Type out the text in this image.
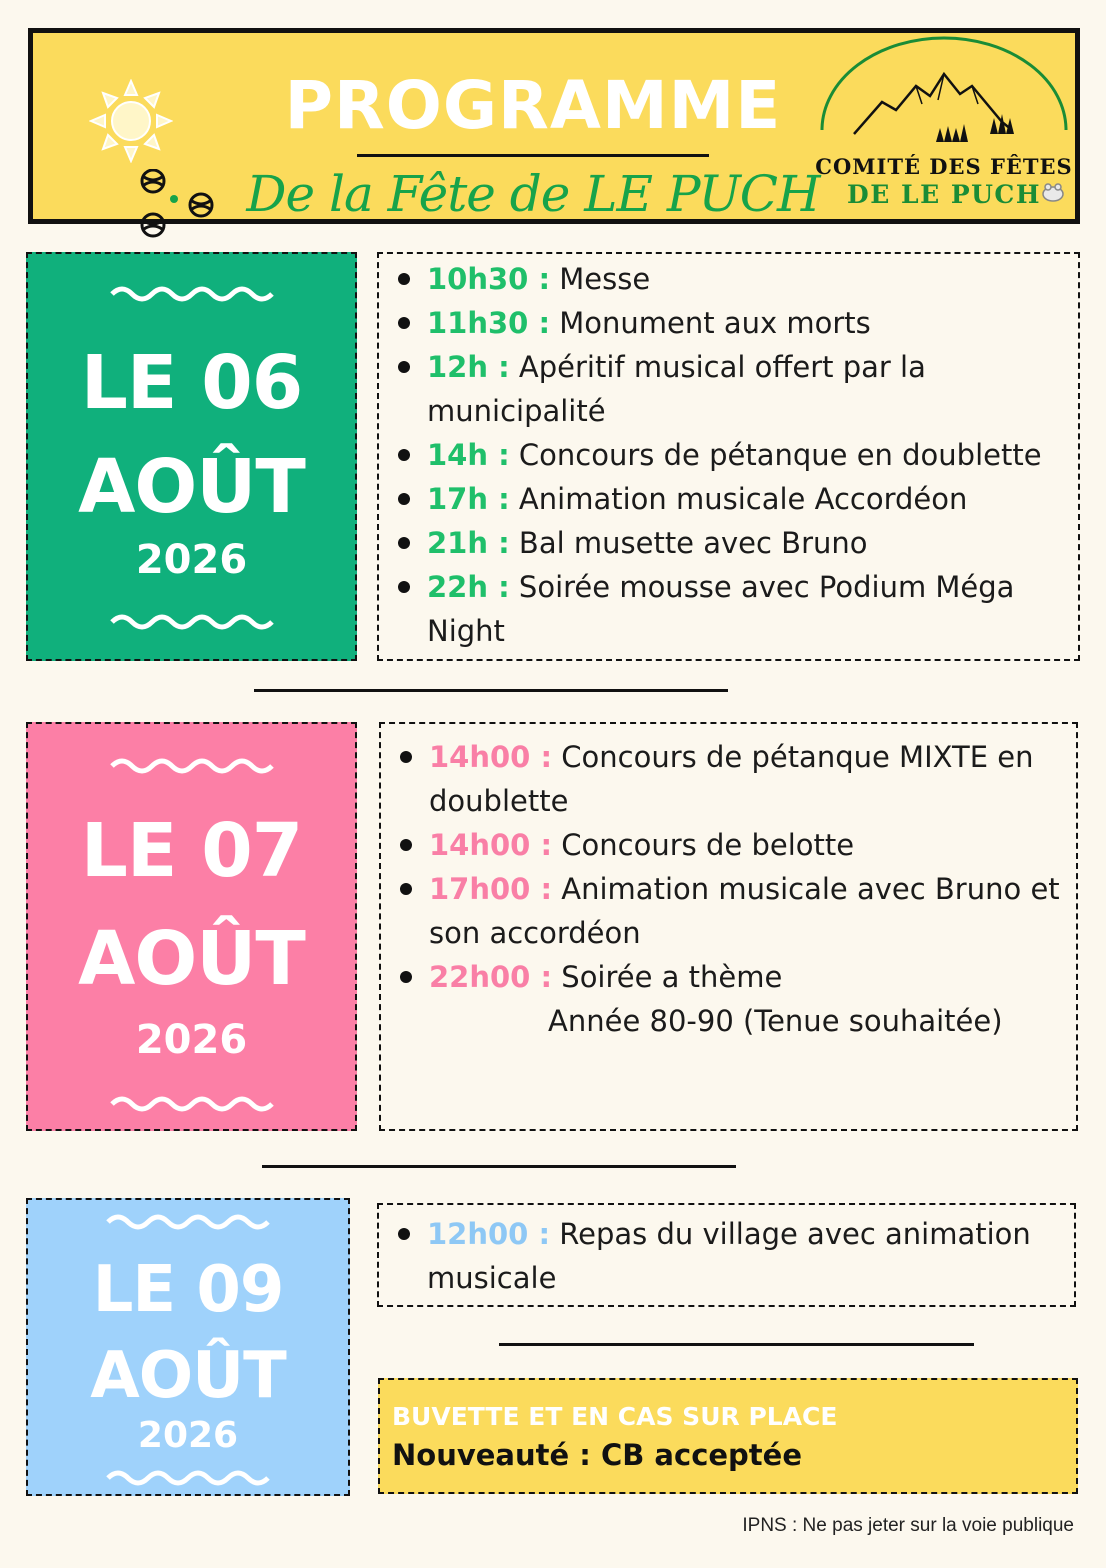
PROGRAMME
De la Fête de LE PUCH
COMITÉ DES FÊTES
DE LE PUCH
LE 06
AOÛT
2026
10h30 : Messe
11h30 : Monument aux morts
12h : Apéritif musical offert par la municipalité
14h : Concours de pétanque en doublette
17h : Animation musicale Accordéon
21h : Bal musette avec Bruno
22h : Soirée mousse avec Podium Méga Night
LE 07
AOÛT
2026
14h00 : Concours de pétanque MIXTE en doublette
14h00 : Concours de belotte
17h00 : Animation musicale avec Bruno et son accordéon
22h00 : Soirée a thème
Année 80-90 (Tenue souhaitée)
LE 09
AOÛT
2026
12h00 : Repas du village avec animation musicale
BUVETTE ET EN CAS SUR PLACE
Nouveauté : CB acceptée
IPNS : Ne pas jeter sur la voie publique
